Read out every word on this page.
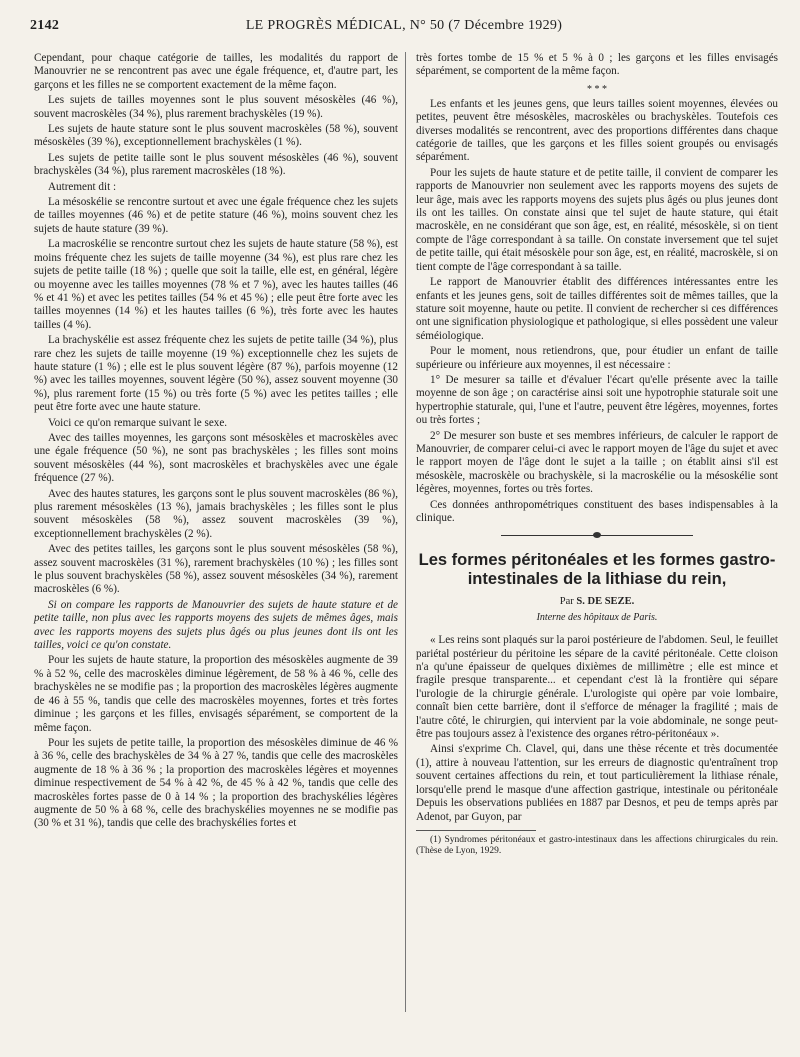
2142	LE PROGRÈS MÉDICAL, N° 50 (7 Décembre 1929)

Cependant, pour chaque catégorie de tailles, les modalités du rapport de Manouvrier ne se rencontrent pas avec une égale fréquence, et, d'autre part, les garçons et les filles ne se comportent exactement de la même façon.

Les sujets de tailles moyennes sont le plus souvent mésoskèles (46 %), souvent macroskèles (34 %), plus rarement brachyskèles (19 %).

Les sujets de haute stature sont le plus souvent macroskèles (58 %), souvent mésoskèles (39 %), exceptionnellement brachyskèles (1 %).

Les sujets de petite taille sont le plus souvent mésoskèles (46 %), souvent brachyskèles (34 %), plus rarement macroskèles (18 %).

Autrement dit :

La mésoskélie se rencontre surtout et avec une égale fréquence chez les sujets de tailles moyennes (46 %) et de petite stature (46 %), moins souvent chez les sujets de haute stature (39 %).

La macroskélie se rencontre surtout chez les sujets de haute stature (58 %), est moins fréquente chez les sujets de taille moyenne (34 %), est plus rare chez les sujets de petite taille (18 %) ; quelle que soit la taille, elle est, en général, légère ou moyenne avec les tailles moyennes (78 % et 7 %), avec les hautes tailles (46 % et 41 %) et avec les petites tailles (54 % et 45 %) ; elle peut être forte avec les tailles moyennes (14 %) et les hautes tailles (6 %), très forte avec les hautes tailles (4 %).

La brachyskélie est assez fréquente chez les sujets de petite taille (34 %), plus rare chez les sujets de taille moyenne (19 %) exceptionnelle chez les sujets de haute stature (1 %) ; elle est le plus souvent légère (87 %), parfois moyenne (12 %) avec les tailles moyennes, souvent légère (50 %), assez souvent moyenne (30 %), plus rarement forte (15 %) ou très forte (5 %) avec les petites tailles ; elle peut être forte avec une haute stature.

Voici ce qu'on remarque suivant le sexe.

Avec des tailles moyennes, les garçons sont mésoskèles et macroskèles avec une égale fréquence (50 %), ne sont pas brachyskèles ; les filles sont moins souvent mésoskèles (44 %), sont macroskèles et brachyskèles avec une égale fréquence (27 %).

Avec des hautes statures, les garçons sont le plus souvent macroskèles (86 %), plus rarement mésoskèles (13 %), jamais brachyskèles ; les filles sont le plus souvent mésoskèles (58 %), assez souvent macroskèles (39 %), exceptionnellement brachyskèles (2 %).

Avec des petites tailles, les garçons sont le plus souvent mésoskèles (58 %), assez souvent macroskèles (31 %), rarement brachyskèles (10 %) ; les filles sont le plus souvent brachyskèles (58 %), assez souvent mésoskèles (34 %), rarement macroskèles (6 %).

Si on compare les rapports de Manouvrier des sujets de haute stature et de petite taille, non plus avec les rapports moyens des sujets de mêmes âges, mais avec les rapports moyens des sujets plus âgés ou plus jeunes dont ils ont les tailles, voici ce qu'on constate.

Pour les sujets de haute stature, la proportion des mésoskèles augmente de 39 % à 52 %, celle des macroskèles diminue légèrement, de 58 % à 46 %, celle des brachyskèles ne se modifie pas ; la proportion des macroskèles légères augmente de 46 à 55 %, tandis que celle des macroskèles moyennes, fortes et très fortes diminue ; les garçons et les filles, envisagés séparément, se comportent de la même façon.

Pour les sujets de petite taille, la proportion des mésoskèles diminue de 46 % à 36 %, celle des brachyskèles de 34 % à 27 %, tandis que celle des macroskèles augmente de 18 % à 36 % ; la proportion des macroskèles légères et moyennes diminue respectivement de 54 % à 42 %, de 45 % à 42 %, tandis que celle des macroskèles fortes passe de 0 à 14 % ; la proportion des brachyskélies légères augmente de 50 % à 68 %, celle des brachyskélies moyennes ne se modifie pas (30 % et 31 %), tandis que celle des brachyskélies fortes et

très fortes tombe de 15 % et 5 % à 0 ; les garçons et les filles envisagés séparément, se comportent de la même façon.

* * *

Les enfants et les jeunes gens, que leurs tailles soient moyennes, élevées ou petites, peuvent être mésoskèles, macroskèles ou brachyskèles. Toutefois ces diverses modalités se rencontrent, avec des proportions différentes dans chaque catégorie de tailles, que les garçons et les filles soient groupés ou envisagés séparément.

Pour les sujets de haute stature et de petite taille, il convient de comparer les rapports de Manouvrier non seulement avec les rapports moyens des sujets de leur âge, mais avec les rapports moyens des sujets plus âgés ou plus jeunes dont ils ont les tailles. On constate ainsi que tel sujet de haute stature, qui était macroskèle, en ne considérant que son âge, est, en réalité, mésoskèle, si on tient compte de l'âge correspondant à sa taille. On constate inversement que tel sujet de petite taille, qui était mésoskèle pour son âge, est, en réalité, macroskèle, si on tient compte de l'âge correspondant à sa taille.

Le rapport de Manouvrier établit des différences intéressantes entre les enfants et les jeunes gens, soit de tailles différentes soit de mêmes tailles, que la stature soit moyenne, haute ou petite. Il convient de rechercher si ces différences ont une signification physiologique et pathologique, si elles possèdent une valeur séméiologique.

Pour le moment, nous retiendrons, que, pour étudier un enfant de taille supérieure ou inférieure aux moyennes, il est nécessaire :

1° De mesurer sa taille et d'évaluer l'écart qu'elle présente avec la taille moyenne de son âge ; on caractérise ainsi soit une hypotrophie staturale soit une hypertrophie staturale, qui, l'une et l'autre, peuvent être légères, moyennes, fortes ou très fortes ;

2° De mesurer son buste et ses membres inférieurs, de calculer le rapport de Manouvrier, de comparer celui-ci avec le rapport moyen de l'âge du sujet et avec le rapport moyen de l'âge dont le sujet a la taille ; on établit ainsi s'il est mésoskèle, macroskèle ou brachyskèle, si la macroskélie ou la mésoskélie sont légères, moyennes, fortes ou très fortes.

Ces données anthropométriques constituent des bases indispensables à la clinique.

Les formes péritonéales et les formes gastro-intestinales de la lithiase du rein,
Par S. DE SEZE.
Interne des hôpitaux de Paris.

« Les reins sont plaqués sur la paroi postérieure de l'abdomen. Seul, le feuillet pariétal postérieur du péritoine les sépare de la cavité péritonéale. Cette cloison n'a qu'une épaisseur de quelques dixièmes de millimètre ; elle est mince et fragile presque transparente... et cependant c'est là la frontière qui sépare l'urologie de la chirurgie générale. L'urologiste qui opère par voie lombaire, connaît bien cette barrière, dont il s'efforce de ménager la fragilité ; mais de l'autre côté, le chirurgien, qui intervient par la voie abdominale, ne songe peut-être pas toujours assez à l'existence des organes rétro-péritonéaux ».

Ainsi s'exprime Ch. Clavel, qui, dans une thèse récente et très documentée (1), attire à nouveau l'attention, sur les erreurs de diagnostic qu'entraînent trop souvent certaines affections du rein, et tout particulièrement la lithiase rénale, lorsqu'elle prend le masque d'une affection gastrique, intestinale ou péritonéale Depuis les observations publiées en 1887 par Desnos, et peu de temps après par Adenot, par Guyon, par

(1) Syndromes péritonéaux et gastro-intestinaux dans les affections chirurgicales du rein. (Thèse de Lyon, 1929.
